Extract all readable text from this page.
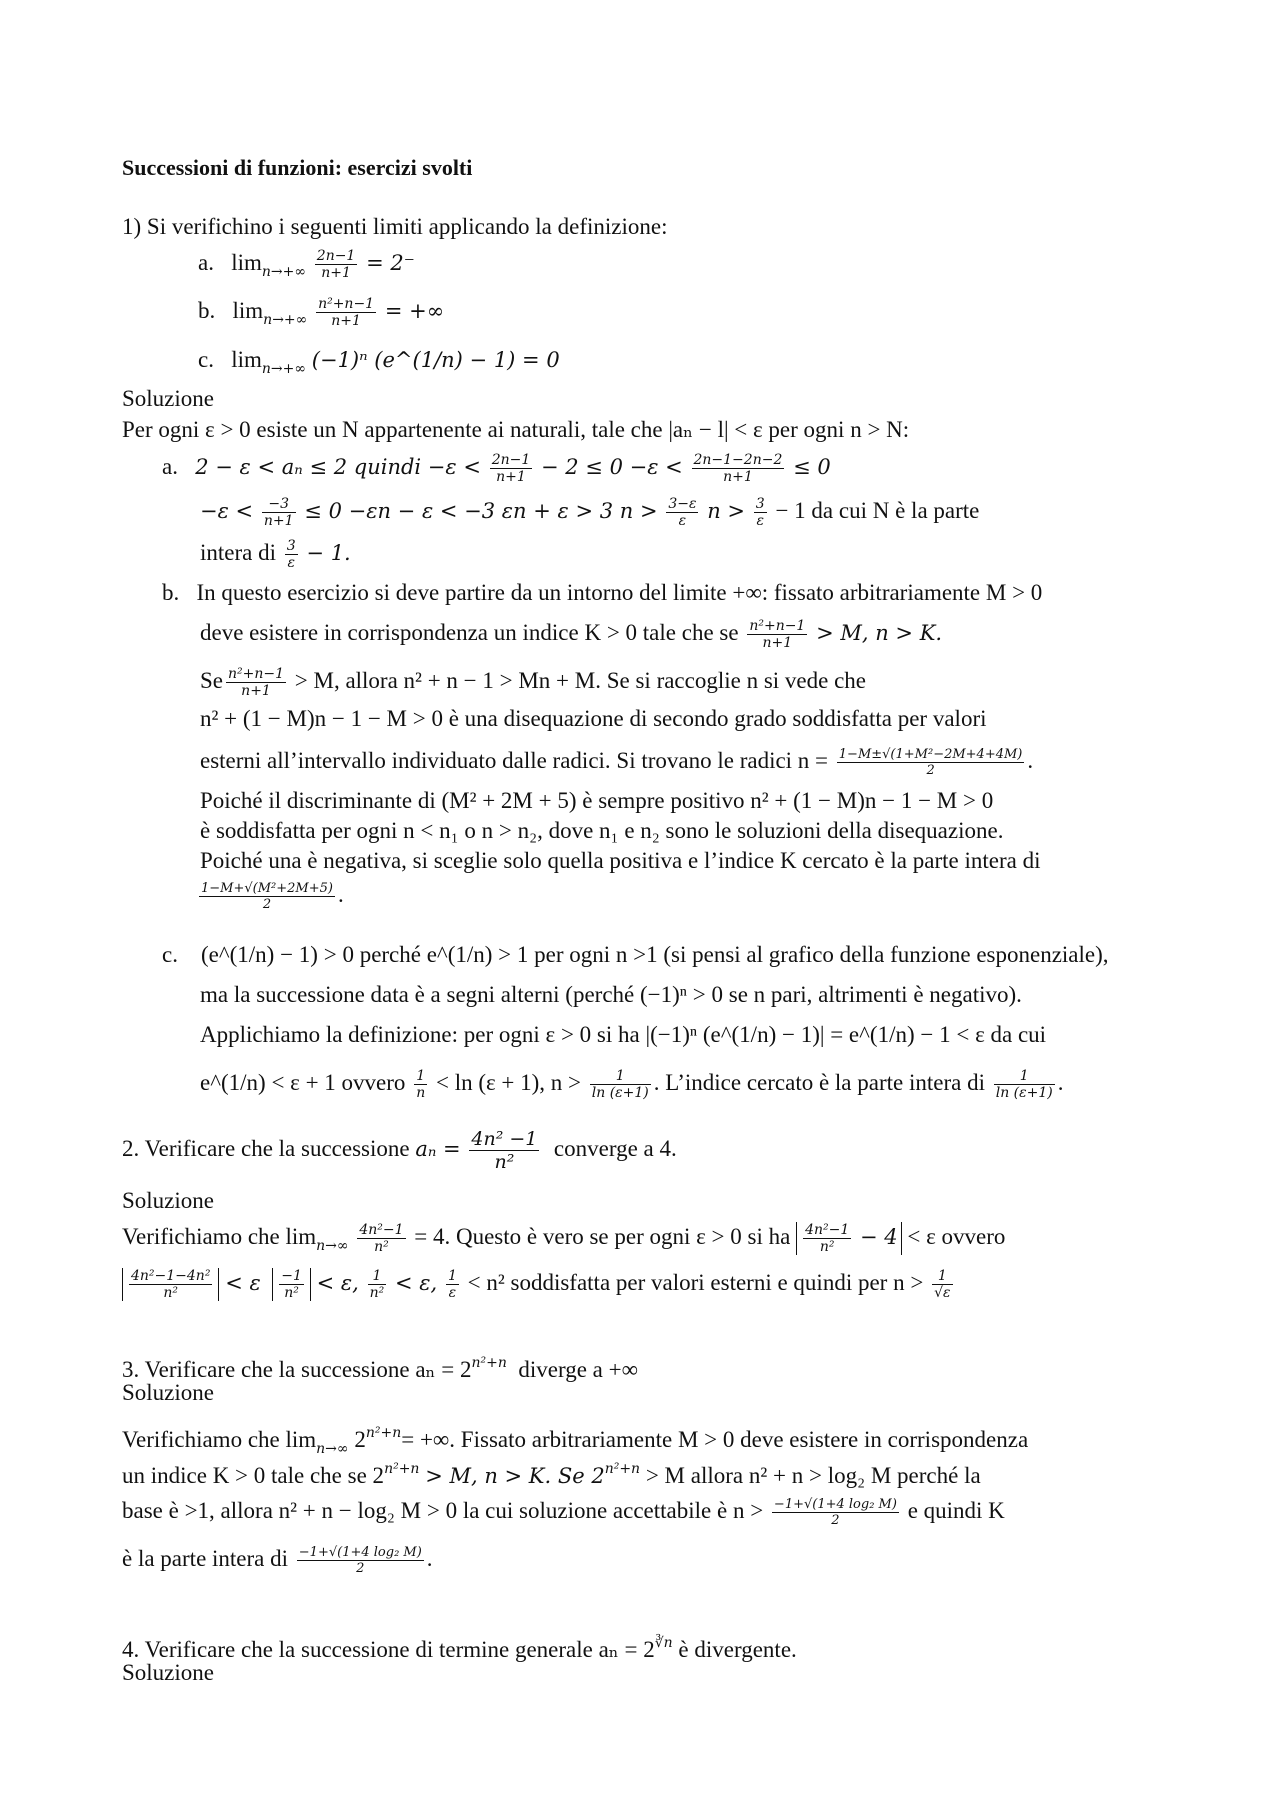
Successioni di funzioni: esercizi svolti
1) Si verifichino i seguenti limiti applicando la definizione:
a. $\lim_{n\to+\infty} \frac{2n-1}{n+1} = 2^-$
b. $\lim_{n\to+\infty} \frac{\text{n²+n−1}}{n+1}$ = +∞
c. $\lim_{n\to+\infty} (-1)^n$ (e^(1/n) − 1) = 0
Soluzione
Per ogni ε > 0 esiste un N appartenente ai naturali, tale che |aₙ − l| < ε per ogni n > N:
a. 2 − ε < aₙ ≤ 2 quindi $-\varepsilon < \frac{2n-1}{n+1} - 2 \le 0 -\varepsilon < \frac{2n-1-2n-2}{n+1} \le 0$
$-\varepsilon < \frac{-3}{n+1} \le 0 -\varepsilon n - \varepsilon < -3$ εn + ε > 3 $n > \frac{3-\varepsilon}{\varepsilon}$ $n > \frac{3}{\varepsilon} - 1$ da cui N è la parte
intera di $\frac{3}{\varepsilon} - 1$.
b. In questo esercizio si deve partire da un intorno del limite +∞: fissato arbitrariamente M > 0
deve esistere in corrispondenza un indice K > 0 tale che se $\frac{\text{n²+n−1}}{n+1} > M$, n > K.
Se $\frac{\text{n²+n−1}}{n+1} > M$, allora n² + n − 1 > Mn + M. Se si raccoglie n si vede che
n² + (1 − M)n − 1 − M > 0 è una disequazione di secondo grado soddisfatta per valori
esterni all’intervallo individuato dalle radici. Si trovano le radici $n = \frac{\text{1−M±√(1+M²−2M+4+4M)}}{2}$ .
Poiché il discriminante di (M² + 2M + 5) è sempre positivo n² + (1 − M)n − 1 − M > 0
è soddisfatta per ogni n < n₁ o n > n₂, dove n₁ e n₂ sono le soluzioni della disequazione.
Poiché una è negativa, si sceglie solo quella positiva e l’indice K cercato è la parte intera di
$\frac{\text{1−M+√(M²+2M+5)}}{2}$ .
c. (e^(1/n) − 1) > 0 perché e^(1/n) > 1 per ogni n >1 (si pensi al grafico della funzione esponenziale),
ma la successione data è a segni alterni (perché (−1)ⁿ > 0 se n pari, altrimenti è negativo).
Applichiamo la definizione: per ogni ε > 0 si ha |(−1)ⁿ (e^(1/n) − 1)| = e^(1/n) − 1 < ε da cui
e^(1/n) < ε + 1 ovvero $\frac{1}{n} < \ln (\varepsilon + 1)$, $n > \frac{1}{\ln (\varepsilon+1)}$ . L’indice cercato è la parte intera di $\frac{1}{\ln (\varepsilon+1)}$ .
2. Verificare che la successione $a_n = \frac{\text{4n² −1}}{\text{n²}}$ converge a 4.
Soluzione
Verifichiamo che $\lim_{n\to\infty} \frac{\text{4n²−1}}{\text{n²}} = 4$. Questo è vero se per ogni ε > 0 si ha $\frac{\text{4n²−1}}{\text{n²}} - 4 < \varepsilon$ ovvero
$\frac{\text{4n²−1−4n²}}{\text{n²}} < \varepsilon \frac{-1}{\text{n²}} < \varepsilon$, $\frac{1}{\text{n²}} < \varepsilon$, $\frac{1}{\varepsilon} < n^2$ soddisfatta per valori esterni e quindi per $n > \frac{1}{√\varepsilon}$
3. Verificare che la successione $a_n = 2^{n^2+n}$ diverge a +∞
Soluzione
Verifichiamo che $\lim_{n\to\infty} 2^{n^2+n}=$ +∞. Fissato arbitrariamente M > 0 deve esistere in corrispondenza
un indice K > 0 tale che se $2^{n^2+n} > M$, n > K. Se $2^{n^2+n} > M$ allora n² + n > log₂ M perché la
base è >1, allora n² + n − log₂ M > 0 la cui soluzione accettabile è $n > \frac{\text{−1+√(1+4 log₂ M)}}{2}$ e quindi K
è la parte intera di $\frac{\text{−1+√(1+4 log₂ M)}}{2}$ .
4. Verificare che la successione di termine generale $a_n = 2^{∛n}$ è divergente.
Soluzione
